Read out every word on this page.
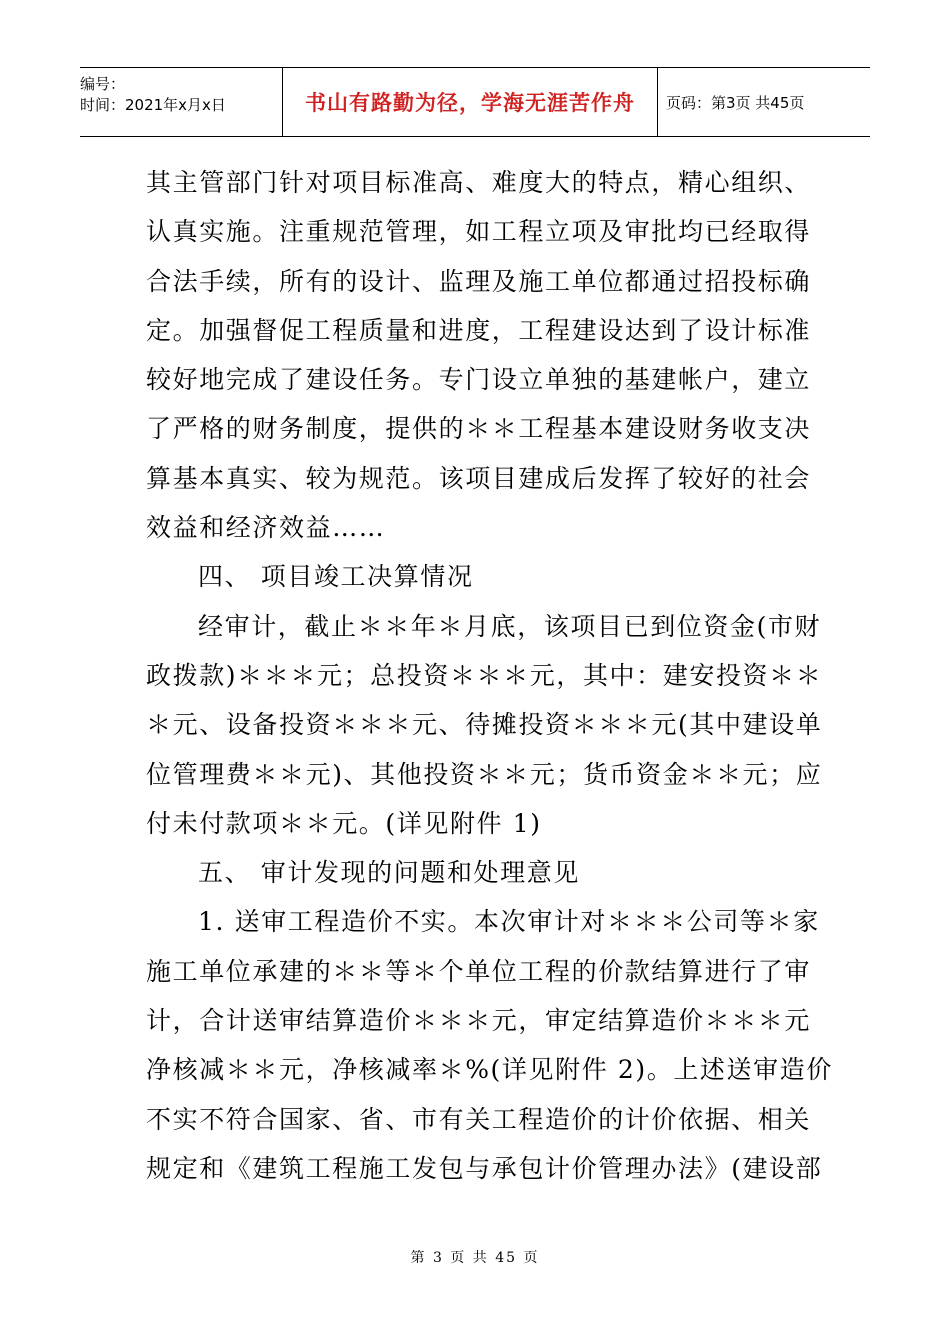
编号：
时间：2021年x月x日	书山有路勤为径，学海无涯苦作舟	页码：第3页 共45页
其主管部门针对项目标准高、难度大的特点，精心组织、
认真实施。注重规范管理，如工程立项及审批均已经取得
合法手续，所有的设计、监理及施工单位都通过招投标确
定。加强督促工程质量和进度，工程建设达到了设计标准
较好地完成了建设任务。专门设立单独的基建帐户，建立
了严格的财务制度，提供的＊＊工程基本建设财务收支决
算基本真实、较为规范。该项目建成后发挥了较好的社会
效益和经济效益……
四、 项目竣工决算情况
经审计，截止＊＊年＊月底，该项目已到位资金(市财
政拨款)＊＊＊元；总投资＊＊＊元，其中：建安投资＊＊
＊元、设备投资＊＊＊元、待摊投资＊＊＊元(其中建设单
位管理费＊＊元)、其他投资＊＊元；货币资金＊＊元；应
付未付款项＊＊元。(详见附件 1)
五、 审计发现的问题和处理意见
1. 送审工程造价不实。本次审计对＊＊＊公司等＊家
施工单位承建的＊＊等＊个单位工程的价款结算进行了审
计，合计送审结算造价＊＊＊元，审定结算造价＊＊＊元
净核减＊＊元，净核减率＊%(详见附件 2)。上述送审造价
不实不符合国家、省、市有关工程造价的计价依据、相关
规定和《建筑工程施工发包与承包计价管理办法》(建设部
第 3 页 共 45 页
